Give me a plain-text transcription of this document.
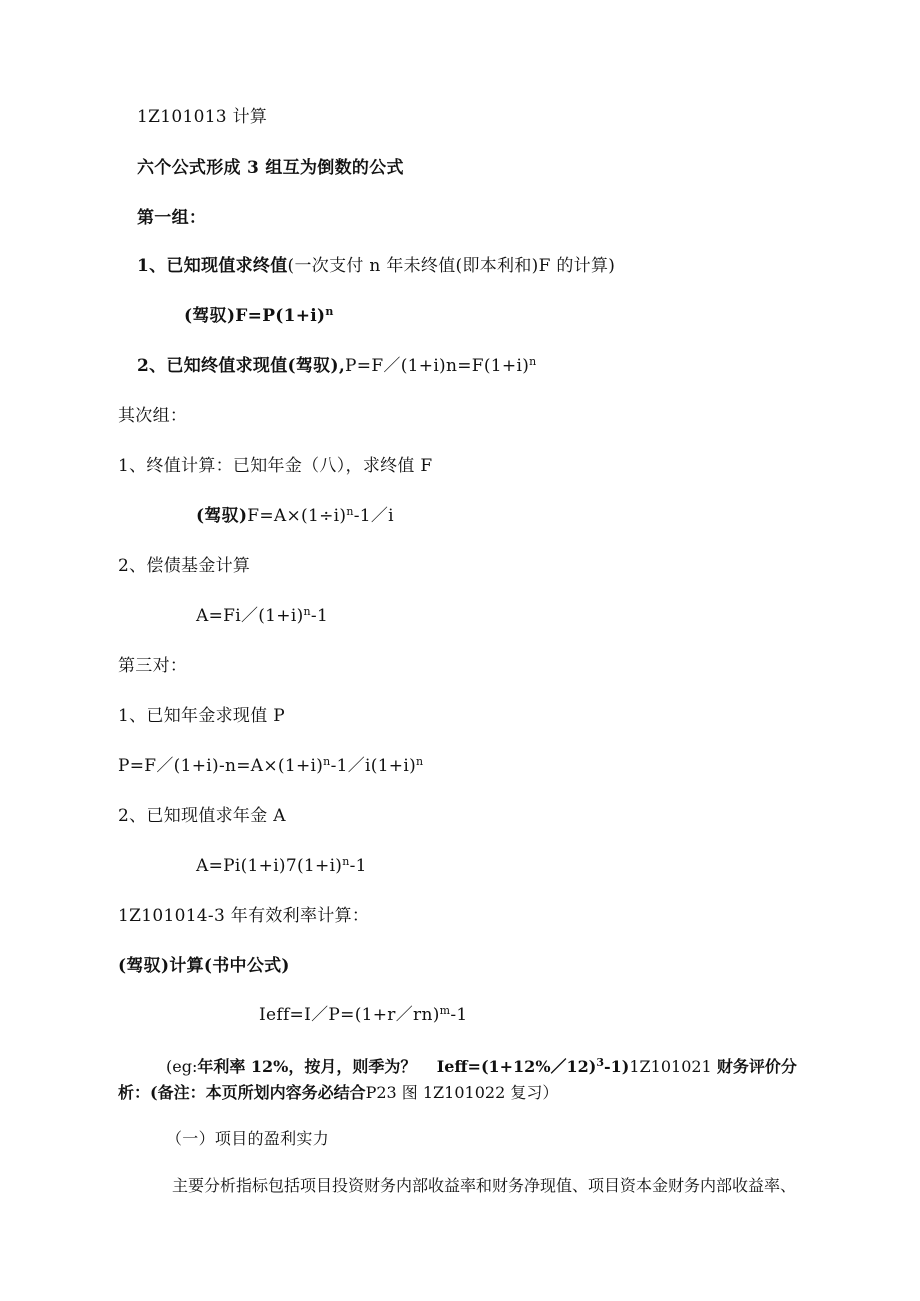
1Z101013 计算
六个公式形成 3 组互为倒数的公式
第一组：
1、已知现值求终值(一次支付 n 年未终值(即本利和)F 的计算)
(驾驭)$F=P(1+i)^n$
2、已知终值求现值(驾驭)$,P=F/(1+i)n=F(1+i)^n$
其次组：
1、终值计算：已知年金（八），求终值 F
(驾驭)$F=A\times(1\div i)^n-1/i$
2、偿债基金计算
$A=Fi/(1+i)^n-1$
第三对：
1、已知年金求现值 P
$P=F/(1+i)-n=A\times(1+i)^n-1/i(1+i)^n$
2、已知现值求年金 A
$A=Pi(1+i)7(1+i)^n-1$
1Z101014-3 年有效利率计算：
(驾驭)计算(书中公式)
Ieff=I／P=(1+r／rn)$^m$-1
(eg:年利率 12%，按月，则季为？ Ieff=(1+12%／12)$^3$-1)1Z101021 财务评价分
析：(备注：本页所划内容务必结合P23 图 1Z101022 复习）
（一）项目的盈利实力
主要分析指标包括项目投资财务内部收益率和财务净现值、项目资本金财务内部收益率、
